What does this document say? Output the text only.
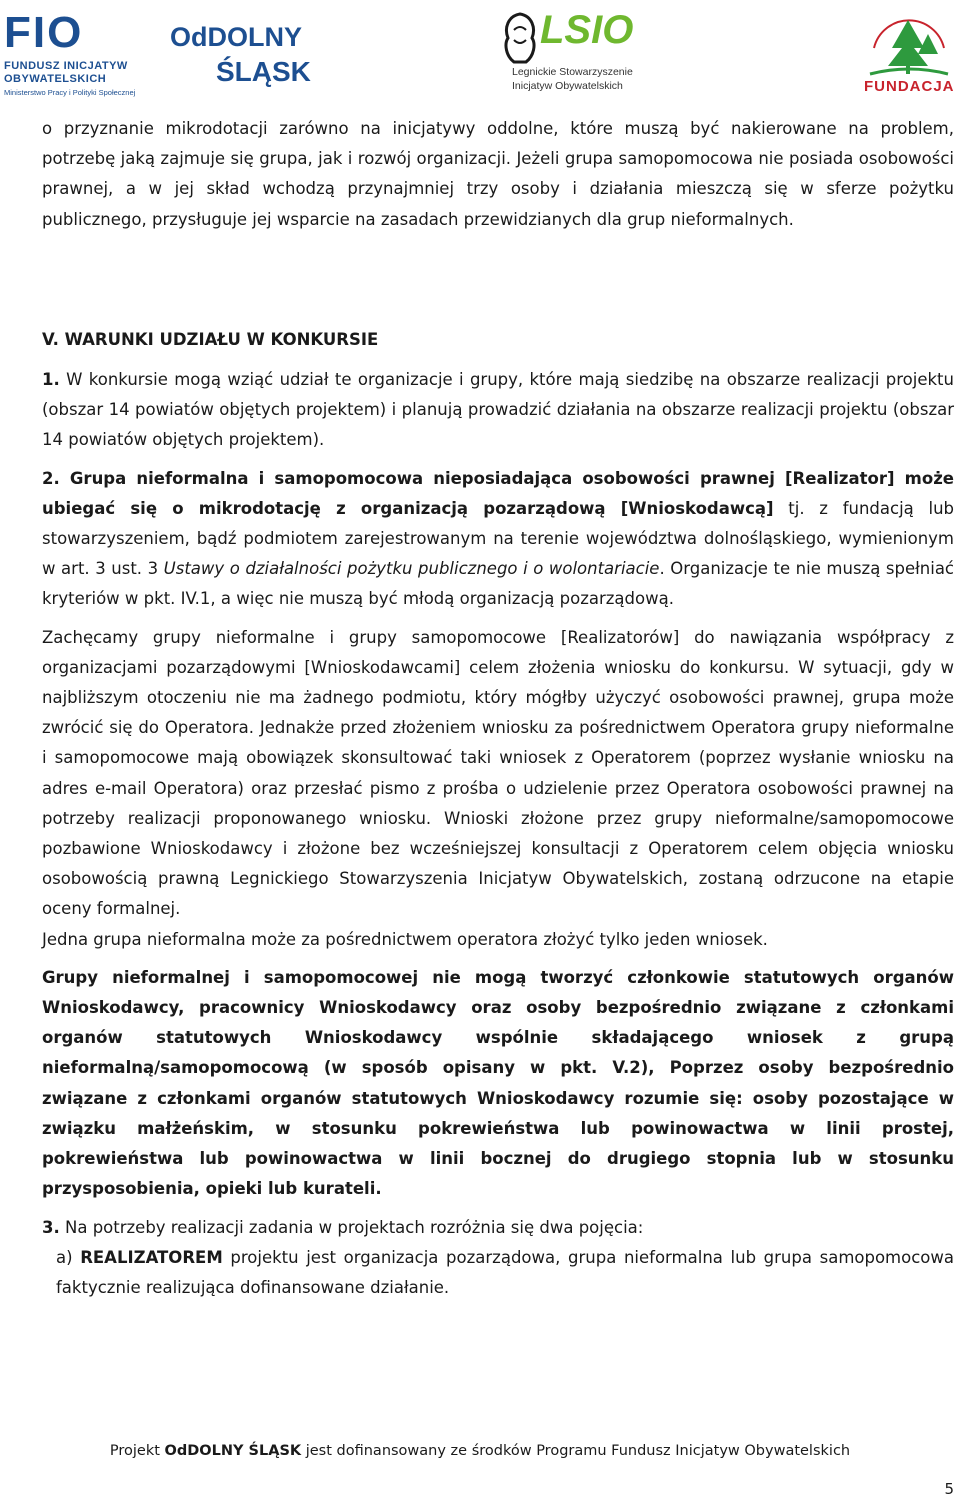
FIO
FUNDUSZ INICJATYW
OBYWATELSKICH
Ministerstwo Pracy i Polityki Społecznej
OdDOLNY
ŚLĄSK
LSIO
Legnickie Stowarzyszenie
Inicjatyw Obywatelskich	FUNDACJA

o przyznanie mikrodotacji zarówno na inicjatywy oddolne, które muszą być nakierowane na problem, potrzebę jaką zajmuje się grupa, jak i rozwój organizacji. Jeżeli grupa samopomocowa nie posiada osobowości prawnej, a w jej skład wchodzą przynajmniej trzy osoby i działania mieszczą się w sferze pożytku publicznego, przysługuje jej wsparcie na zasadach przewidzianych dla grup nieformalnych.

V. WARUNKI UDZIAŁU W KONKURSIE

1. W konkursie mogą wziąć udział te organizacje i grupy, które mają siedzibę na obszarze realizacji projektu (obszar 14 powiatów objętych projektem) i planują prowadzić działania na obszarze realizacji projektu (obszar 14 powiatów objętych projektem).

2. Grupa nieformalna i samopomocowa nieposiadająca osobowości prawnej [Realizator] może ubiegać się o mikrodotację z organizacją pozarządową [Wnioskodawcą] tj. z fundacją lub stowarzyszeniem, bądź podmiotem zarejestrowanym na terenie województwa dolnośląskiego, wymienionym w art. 3 ust. 3 Ustawy o działalności pożytku publicznego i o wolontariacie. Organizacje te nie muszą spełniać kryteriów w pkt. IV.1, a więc nie muszą być młodą organizacją pozarządową.

Zachęcamy grupy nieformalne i grupy samopomocowe [Realizatorów] do nawiązania współpracy z organizacjami pozarządowymi [Wnioskodawcami] celem złożenia wniosku do konkursu. W sytuacji, gdy w najbliższym otoczeniu nie ma żadnego podmiotu, który mógłby użyczyć osobowości prawnej, grupa może zwrócić się do Operatora. Jednakże przed złożeniem wniosku za pośrednictwem Operatora grupy nieformalne i samopomocowe mają obowiązek skonsultować taki wniosek z Operatorem (poprzez wysłanie wniosku na adres e-mail Operatora) oraz przesłać pismo z prośba o udzielenie przez Operatora osobowości prawnej na potrzeby realizacji proponowanego wniosku. Wnioski złożone przez grupy nieformalne/samopomocowe pozbawione Wnioskodawcy i złożone bez wcześniejszej konsultacji z Operatorem celem objęcia wniosku osobowością prawną Legnickiego Stowarzyszenia Inicjatyw Obywatelskich, zostaną odrzucone na etapie oceny formalnej.

Jedna grupa nieformalna może za pośrednictwem operatora złożyć tylko jeden wniosek.

Grupy nieformalnej i samopomocowej nie mogą tworzyć członkowie statutowych organów Wnioskodawcy, pracownicy Wnioskodawcy oraz osoby bezpośrednio związane z członkami organów statutowych Wnioskodawcy wspólnie składającego wniosek z grupą nieformalną/samopomocową (w sposób opisany w pkt. V.2), Poprzez osoby bezpośrednio związane z członkami organów statutowych Wnioskodawcy rozumie się: osoby pozostające w związku małżeńskim, w stosunku pokrewieństwa lub powinowactwa w linii prostej, pokrewieństwa lub powinowactwa w linii bocznej do drugiego stopnia lub w stosunku przysposobienia, opieki lub kurateli.

3. Na potrzeby realizacji zadania w projektach rozróżnia się dwa pojęcia:

a) REALIZATOREM projektu jest organizacja pozarządowa, grupa nieformalna lub grupa samopomocowa faktycznie realizująca dofinansowane działanie.

Projekt OdDOLNY ŚLĄSK jest dofinansowany ze środków Programu Fundusz Inicjatyw Obywatelskich
5
